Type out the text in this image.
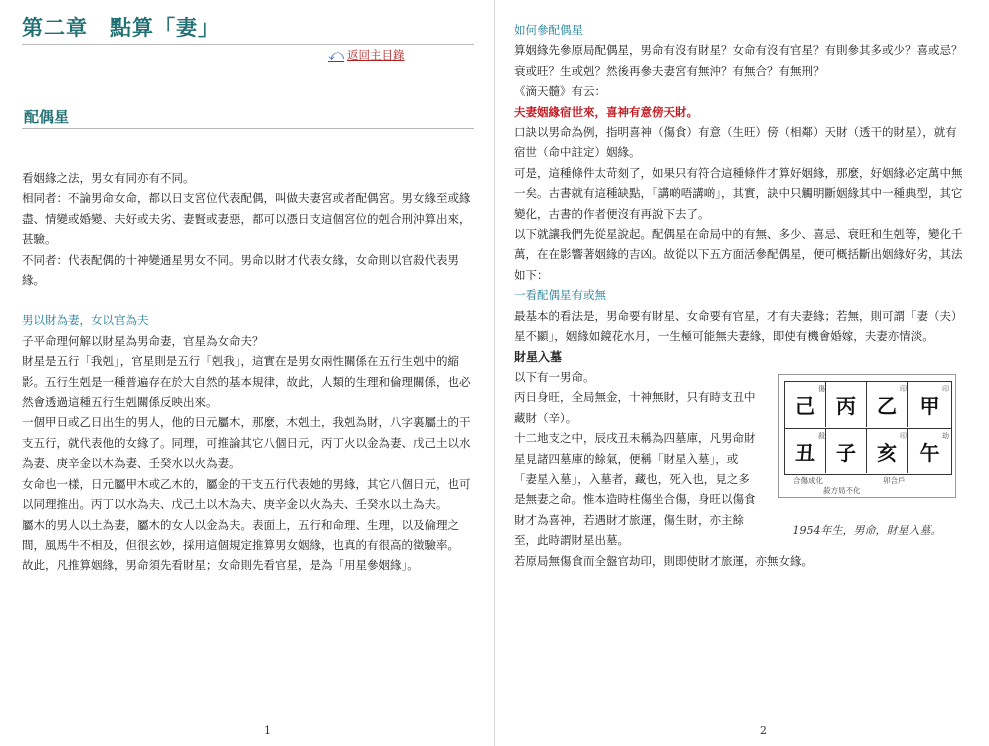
第二章　點算「妻」
⤺ 返回主目錄
配偶星

看姻緣之法，男女有同亦有不同。

相同者：不論男命女命，都以日支宮位代表配偶，叫做夫妻宮或者配偶宮。男女緣至或緣盡、情變或婚變、夫好或夫劣、妻賢或妻惡，都可以憑日支這個宮位的剋合刑沖算出來，甚驗。

不同者：代表配偶的十神變通星男女不同。男命以財才代表女緣，女命則以官殺代表男緣。

男以財為妻，女以官為夫

子平命理何解以財星為男命妻，官星為女命夫？

財星是五行「我剋」，官星則是五行「剋我」，這實在是男女兩性關係在五行生剋中的縮影。五行生剋是一種普遍存在於大自然的基本規律，故此，人類的生理和倫理關係，也必然會透過這種五行生剋關係反映出來。

一個甲日或乙日出生的男人，他的日元屬木，那麼，木剋土，我剋為財，八字裏屬土的干支五行，就代表他的女緣了。同理，可推論其它八個日元，丙丁火以金為妻、戊己土以水為妻、庚辛金以木為妻、壬癸水以火為妻。

女命也一樣，日元屬甲木或乙木的，屬金的干支五行代表她的男緣，其它八個日元，也可以同理推出。丙丁以水為夫、戊己土以木為夫、庚辛金以火為夫、壬癸水以土為夫。

屬木的男人以土為妻，屬木的女人以金為夫。表面上，五行和命理、生理，以及倫理之間，風馬牛不相及，但很玄妙，採用這個規定推算男女姻緣，也真的有很高的徵驗率。

故此，凡推算姻緣，男命須先看財星；女命則先看官星，是為「用星參姻緣」。

1

如何參配偶星

算姻緣先參原局配偶星，男命有沒有財星？女命有沒有官星？有則參其多或少？喜或忌？衰或旺？生或剋？然後再參夫妻宮有無沖？有無合？有無刑？

《滴天髓》有云：

夫妻姻緣宿世來，喜神有意傍天財。

口訣以男命為例，指明喜神（傷食）有意（生旺）傍（相鄰）天財（透干的財星），就有宿世（命中註定）姻緣。

可是，這種條件太苛刻了，如果只有符合這種條件才算好姻緣，那麼，好姻緣必定萬中無一矣。古書就有這種缺點，「講啲唔講啲」，其實，訣中只觸明斷姻緣其中一種典型，其它變化，古書的作者便沒有再說下去了。

以下就讓我們先從星說起。配偶星在命局中的有無、多少、喜忌、衰旺和生剋等，變化千萬，在在影響著姻緣的吉凶。故從以下五方面活參配偶星，便可概括斷出姻緣好劣，其法如下：

一看配偶星有或無

最基本的看法是，男命要有財星、女命要有官星，才有夫妻緣；若無，則可謂「妻（夫）星不顯」，姻緣如鏡花水月，一生極可能無夫妻緣，即使有機會婚嫁，夫妻亦情淡。

財星入墓

以下有一男命。

丙日身旺，全局無金，十神無財，只有時支丑中藏財（辛）。

十二地支之中，辰戌丑未稱為四墓庫，凡男命財星見諸四墓庫的餘氣，便稱「財星入墓」，或「妻星入墓」，入墓者，藏也，死入也，見之多是無妻之命。惟本造時柱傷坐合傷，身旺以傷食財才為喜神，若遇財才旅運，傷生財，亦主餘至，此時謂財星出墓。

若原局無傷食而全盤官劫印，則即使財才旅運，亦無女緣。

己	丙	乙	甲
丑	子	亥	午
傷	印	印
殺	印	劫
合傷成化	卯合戶
殺方局不化
1954年生，男命，財星入墓。
2
